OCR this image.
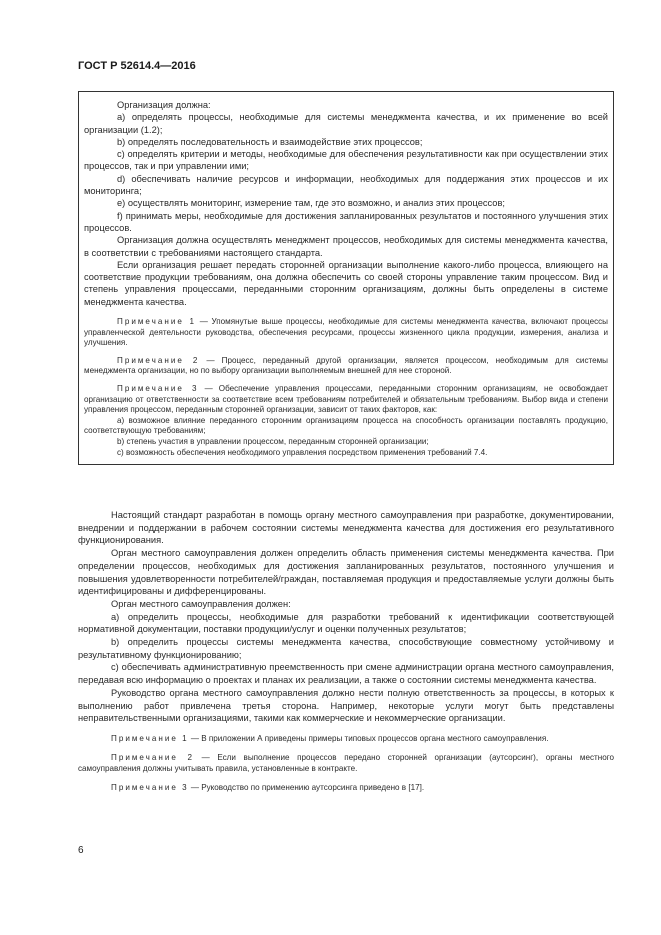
ГОСТ Р 52614.4—2016

Организация должна:

a) определять процессы, необходимые для системы менеджмента качества, и их применение во всей организации (1.2);

b) определять последовательность и взаимодействие этих процессов;

c) определять критерии и методы, необходимые для обеспечения результативности как при осуществлении этих процессов, так и при управлении ими;

d) обеспечивать наличие ресурсов и информации, необходимых для поддержания этих процессов и их мониторинга;

e) осуществлять мониторинг, измерение там, где это возможно, и анализ этих процессов;

f) принимать меры, необходимые для достижения запланированных результатов и постоянного улучшения этих процессов.

Организация должна осуществлять менеджмент процессов, необходимых для системы менеджмента качества, в соответствии с требованиями настоящего стандарта.

Если организация решает передать сторонней организации выполнение какого-либо процесса, влияющего на соответствие продукции требованиям, она должна обеспечить со своей стороны управление таким процессом. Вид и степень управления процессами, переданными сторонним организациям, должны быть определены в системе менеджмента качества.

Примечание 1 — Упомянутые выше процессы, необходимые для системы менеджмента качества, включают процессы управленческой деятельности руководства, обеспечения ресурсами, процессы жизненного цикла продукции, измерения, анализа и улучшения.

Примечание 2 — Процесс, переданный другой организации, является процессом, необходимым для системы менеджмента организации, но по выбору организации выполняемым внешней для нее стороной.

Примечание 3 — Обеспечение управления процессами, переданными сторонним организациям, не освобождает организацию от ответственности за соответствие всем требованиям потребителей и обязательным требованиям. Выбор вида и степени управления процессом, переданным сторонней организации, зависит от таких факторов, как:

a) возможное влияние переданного сторонним организациям процесса на способность организации поставлять продукцию, соответствующую требованиям;

b) степень участия в управлении процессом, переданным сторонней организации;

c) возможность обеспечения необходимого управления посредством применения требований 7.4.

Настоящий стандарт разработан в помощь органу местного самоуправления при разработке, документировании, внедрении и поддержании в рабочем состоянии системы менеджмента качества для достижения его результативного функционирования.

Орган местного самоуправления должен определить область применения системы менеджмента качества. При определении процессов, необходимых для достижения запланированных результатов, постоянного улучшения и повышения удовлетворенности потребителей/граждан, поставляемая продукция и предоставляемые услуги должны быть идентифицированы и дифференцированы.

Орган местного самоуправления должен:

a) определить процессы, необходимые для разработки требований к идентификации соответствующей нормативной документации, поставки продукции/услуг и оценки полученных результатов;

b) определить процессы системы менеджмента качества, способствующие совместному устойчивому и результативному функционированию;

c) обеспечивать административную преемственность при смене администрации органа местного самоуправления, передавая всю информацию о проектах и планах их реализации, а также о состоянии системы менеджмента качества.

Руководство органа местного самоуправления должно нести полную ответственность за процессы, в которых к выполнению работ привлечена третья сторона. Например, некоторые услуги могут быть представлены неправительственными организациями, такими как коммерческие и некоммерческие организации.

Примечание 1 — В приложении А приведены примеры типовых процессов органа местного самоуправления.

Примечание 2 — Если выполнение процессов передано сторонней организации (аутсорсинг), органы местного самоуправления должны учитывать правила, установленные в контракте.

Примечание 3 — Руководство по применению аутсорсинга приведено в [17].

6
